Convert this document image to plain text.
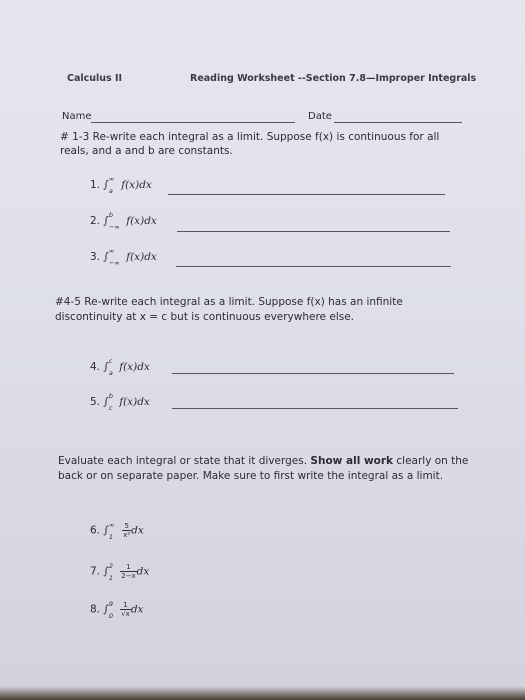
Calculus II	Reading Worksheet --Section 7.8—Improper Integrals
Name	Date
# 1-3 Re-write each integral as a limit. Suppose f(x) is continuous for all
reals, and a and b are constants.
1. ∫ ∞
a f(x)dx
2. ∫ b
−∞ f(x)dx
3. ∫ ∞
−∞ f(x)dx
#4-5 Re-write each integral as a limit. Suppose f(x) has an infinite
discontinuity at x = c but is continuous everywhere else.
4. ∫ c
a f(x)dx
5. ∫ b
c f(x)dx
Evaluate each integral or state that it diverges. Show all work clearly on the
back or on separate paper. Make sure to first write the integral as a limit.
6. ∫ ∞
1
$\frac{5}{\text{x²}}$ dx
7. ∫ 2
1
$\frac{1}{2-x}$ dx
8. ∫ 9
0
$\frac{1}{√x}$ dx
